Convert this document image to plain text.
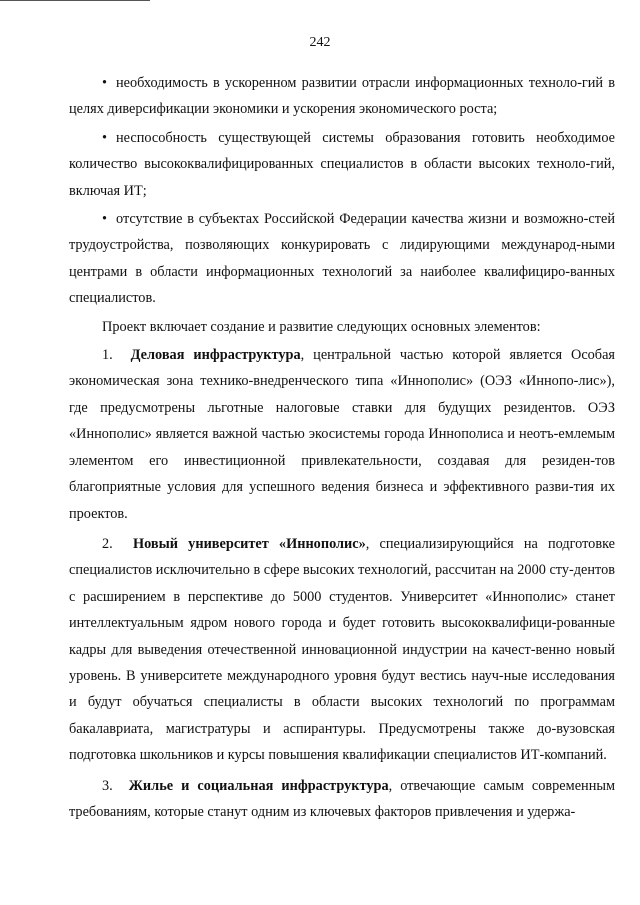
242

• необходимость в ускоренном развитии отрасли информационных техноло-гий в целях диверсификации экономики и ускорения экономического роста;

• неспособность существующей системы образования готовить необходимое количество высококвалифицированных специалистов в области высоких техноло-гий, включая ИТ;

• отсутствие в субъектах Российской Федерации качества жизни и возможно-стей трудоустройства, позволяющих конкурировать с лидирующими международ-ными центрами в области информационных технологий за наиболее квалифициро-ванных специалистов.

Проект включает создание и развитие следующих основных элементов:

1. Деловая инфраструктура, центральной частью которой является Особая экономическая зона технико-внедренческого типа «Иннополис» (ОЭЗ «Иннопо-лис»), где предусмотрены льготные налоговые ставки для будущих резидентов. ОЭЗ «Иннополис» является важной частью экосистемы города Иннополиса и неотъ-емлемым элементом его инвестиционной привлекательности, создавая для резиден-тов благоприятные условия для успешного ведения бизнеса и эффективного разви-тия их проектов.

2. Новый университет «Иннополис», специализирующийся на подготовке специалистов исключительно в сфере высоких технологий, рассчитан на 2000 сту-дентов с расширением в перспективе до 5000 студентов. Университет «Иннополис» станет интеллектуальным ядром нового города и будет готовить высококвалифици-рованные кадры для выведения отечественной инновационной индустрии на качест-венно новый уровень. В университете международного уровня будут вестись науч-ные исследования и будут обучаться специалисты в области высоких технологий по программам бакалавриата, магистратуры и аспирантуры. Предусмотрены также до-вузовская подготовка школьников и курсы повышения квалификации специалистов ИТ-компаний.

3. Жилье и социальная инфраструктура, отвечающие самым современным требованиям, которые станут одним из ключевых факторов привлечения и удержа-
